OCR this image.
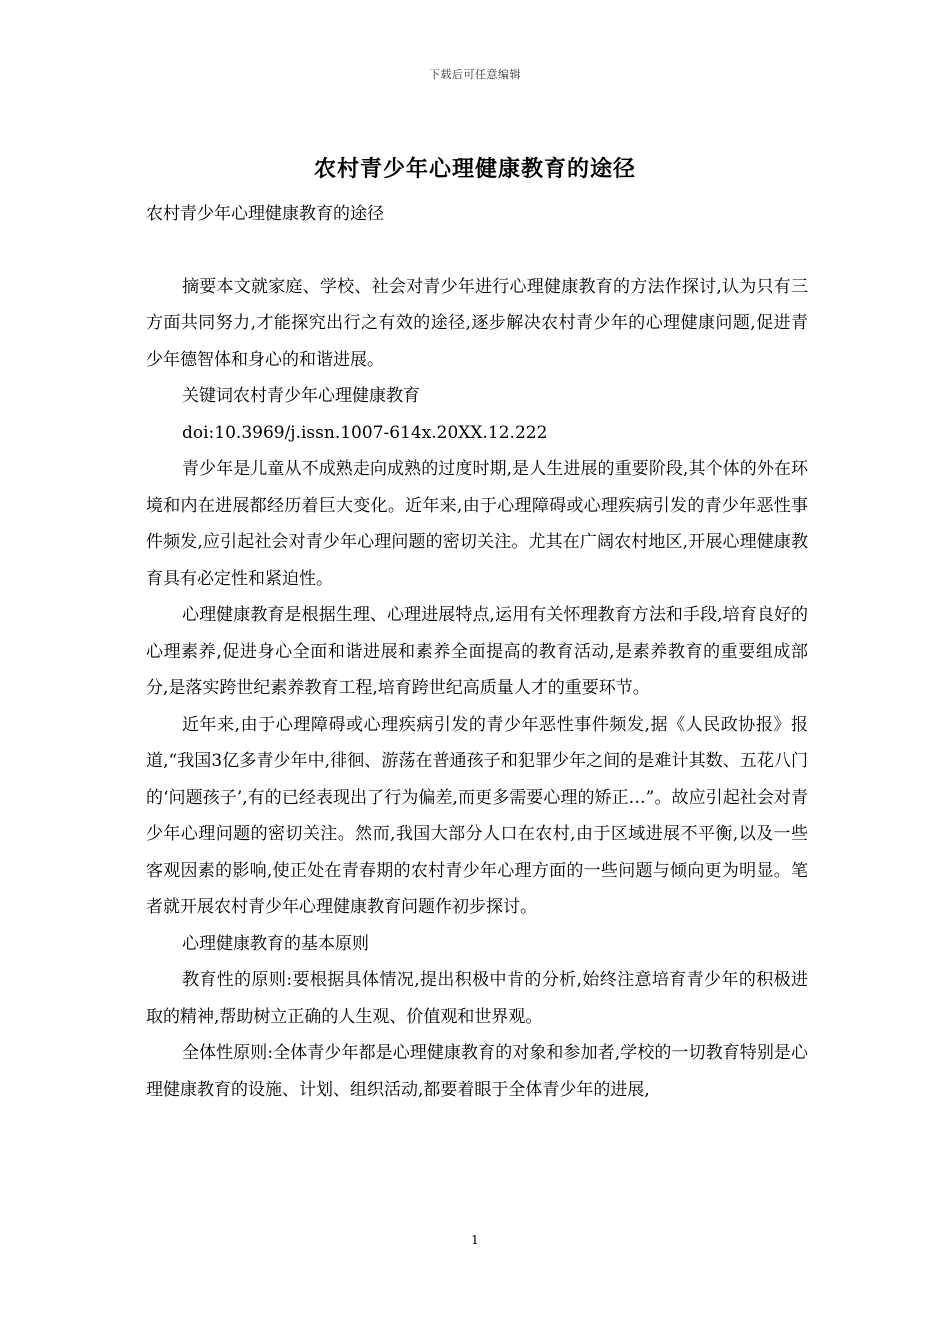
下载后可任意编辑
农村青少年心理健康教育的途径

农村青少年心理健康教育的途径

摘要本文就家庭、学校、社会对青少年进行心理健康教育的方法作探讨,认为只有三方面共同努力,才能探究出行之有效的途径,逐步解决农村青少年的心理健康问题,促进青少年德智体和身心的和谐进展。

关键词农村青少年心理健康教育

doi:10.3969/j.issn.1007-614x.20XX.12.222

青少年是儿童从不成熟走向成熟的过度时期,是人生进展的重要阶段,其个体的外在环境和内在进展都经历着巨大变化。近年来,由于心理障碍或心理疾病引发的青少年恶性事件频发,应引起社会对青少年心理问题的密切关注。尤其在广阔农村地区,开展心理健康教育具有必定性和紧迫性。

心理健康教育是根据生理、心理进展特点,运用有关怀理教育方法和手段,培育良好的心理素养,促进身心全面和谐进展和素养全面提高的教育活动,是素养教育的重要组成部分,是落实跨世纪素养教育工程,培育跨世纪高质量人才的重要环节。

近年来,由于心理障碍或心理疾病引发的青少年恶性事件频发,据《人民政协报》报道,“我国3亿多青少年中,徘徊、游荡在普通孩子和犯罪少年之间的是难计其数、五花八门的‘问题孩子’,有的已经表现出了行为偏差,而更多需要心理的矫正…”。故应引起社会对青少年心理问题的密切关注。然而,我国大部分人口在农村,由于区域进展不平衡,以及一些客观因素的影响,使正处在青春期的农村青少年心理方面的一些问题与倾向更为明显。笔者就开展农村青少年心理健康教育问题作初步探讨。

心理健康教育的基本原则

教育性的原则:要根据具体情况,提出积极中肯的分析,始终注意培育青少年的积极进取的精神,帮助树立正确的人生观、价值观和世界观。

全体性原则:全体青少年都是心理健康教育的对象和参加者,学校的一切教育特别是心理健康教育的设施、计划、组织活动,都要着眼于全体青少年的进展,

1
